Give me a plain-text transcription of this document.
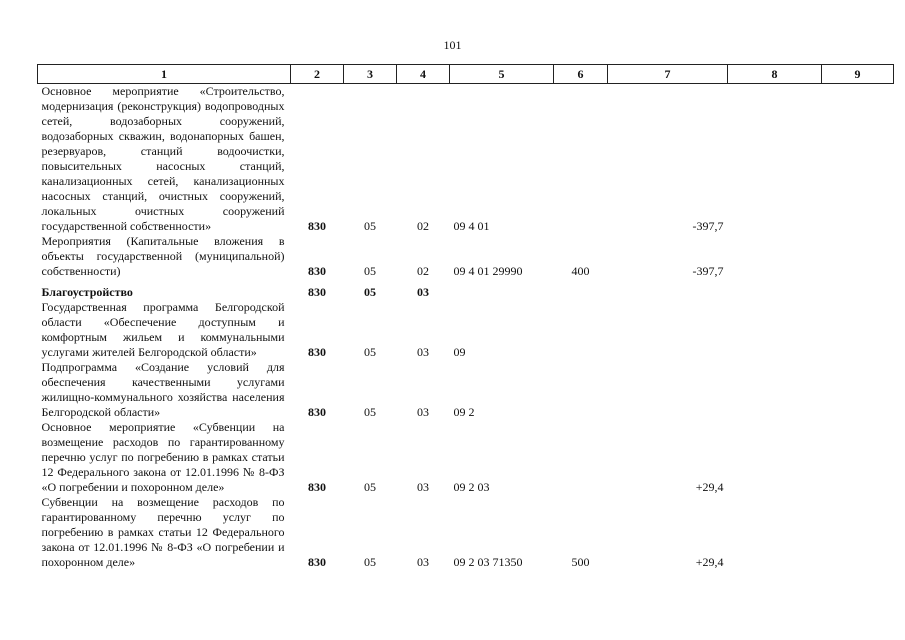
101
1	2	3	4	5	6	7	8	9
Основное мероприятие «Строительство, модернизация (реконструкция) водопроводных сетей, водозаборных сооружений, водозаборных скважин, водонапорных башен, резервуаров, станций водоочистки, повысительных насосных станций, канализационных сетей, канализационных насосных станций, очистных сооружений, локальных очистных сооружений государственной собственности»	830	05	02	09 4 01		-397,7		
Мероприятия (Капитальные вложения в объекты государственной (муниципальной) собственности)	830	05	02	09 4 01 29990	400	-397,7		
Благоустройство	830	05	03					
Государственная программа Белгородской области «Обеспечение доступным и комфортным жильем и коммунальными услугами жителей Белгородской области»	830	05	03	09				
Подпрограмма «Создание условий для обеспечения качественными услугами жилищно-коммунального хозяйства населения Белгородской области»	830	05	03	09 2				
Основное мероприятие «Субвенции на возмещение расходов по гарантированному перечню услуг по погребению в рамках статьи 12 Федерального закона от 12.01.1996 № 8-ФЗ «О погребении и похоронном деле»	830	05	03	09 2 03		+29,4		
Субвенции на возмещение расходов по гарантированному перечню услуг по погребению в рамках статьи 12 Федерального закона от 12.01.1996 № 8-ФЗ «О погребении и похоронном деле»	830	05	03	09 2 03 71350	500	+29,4		
